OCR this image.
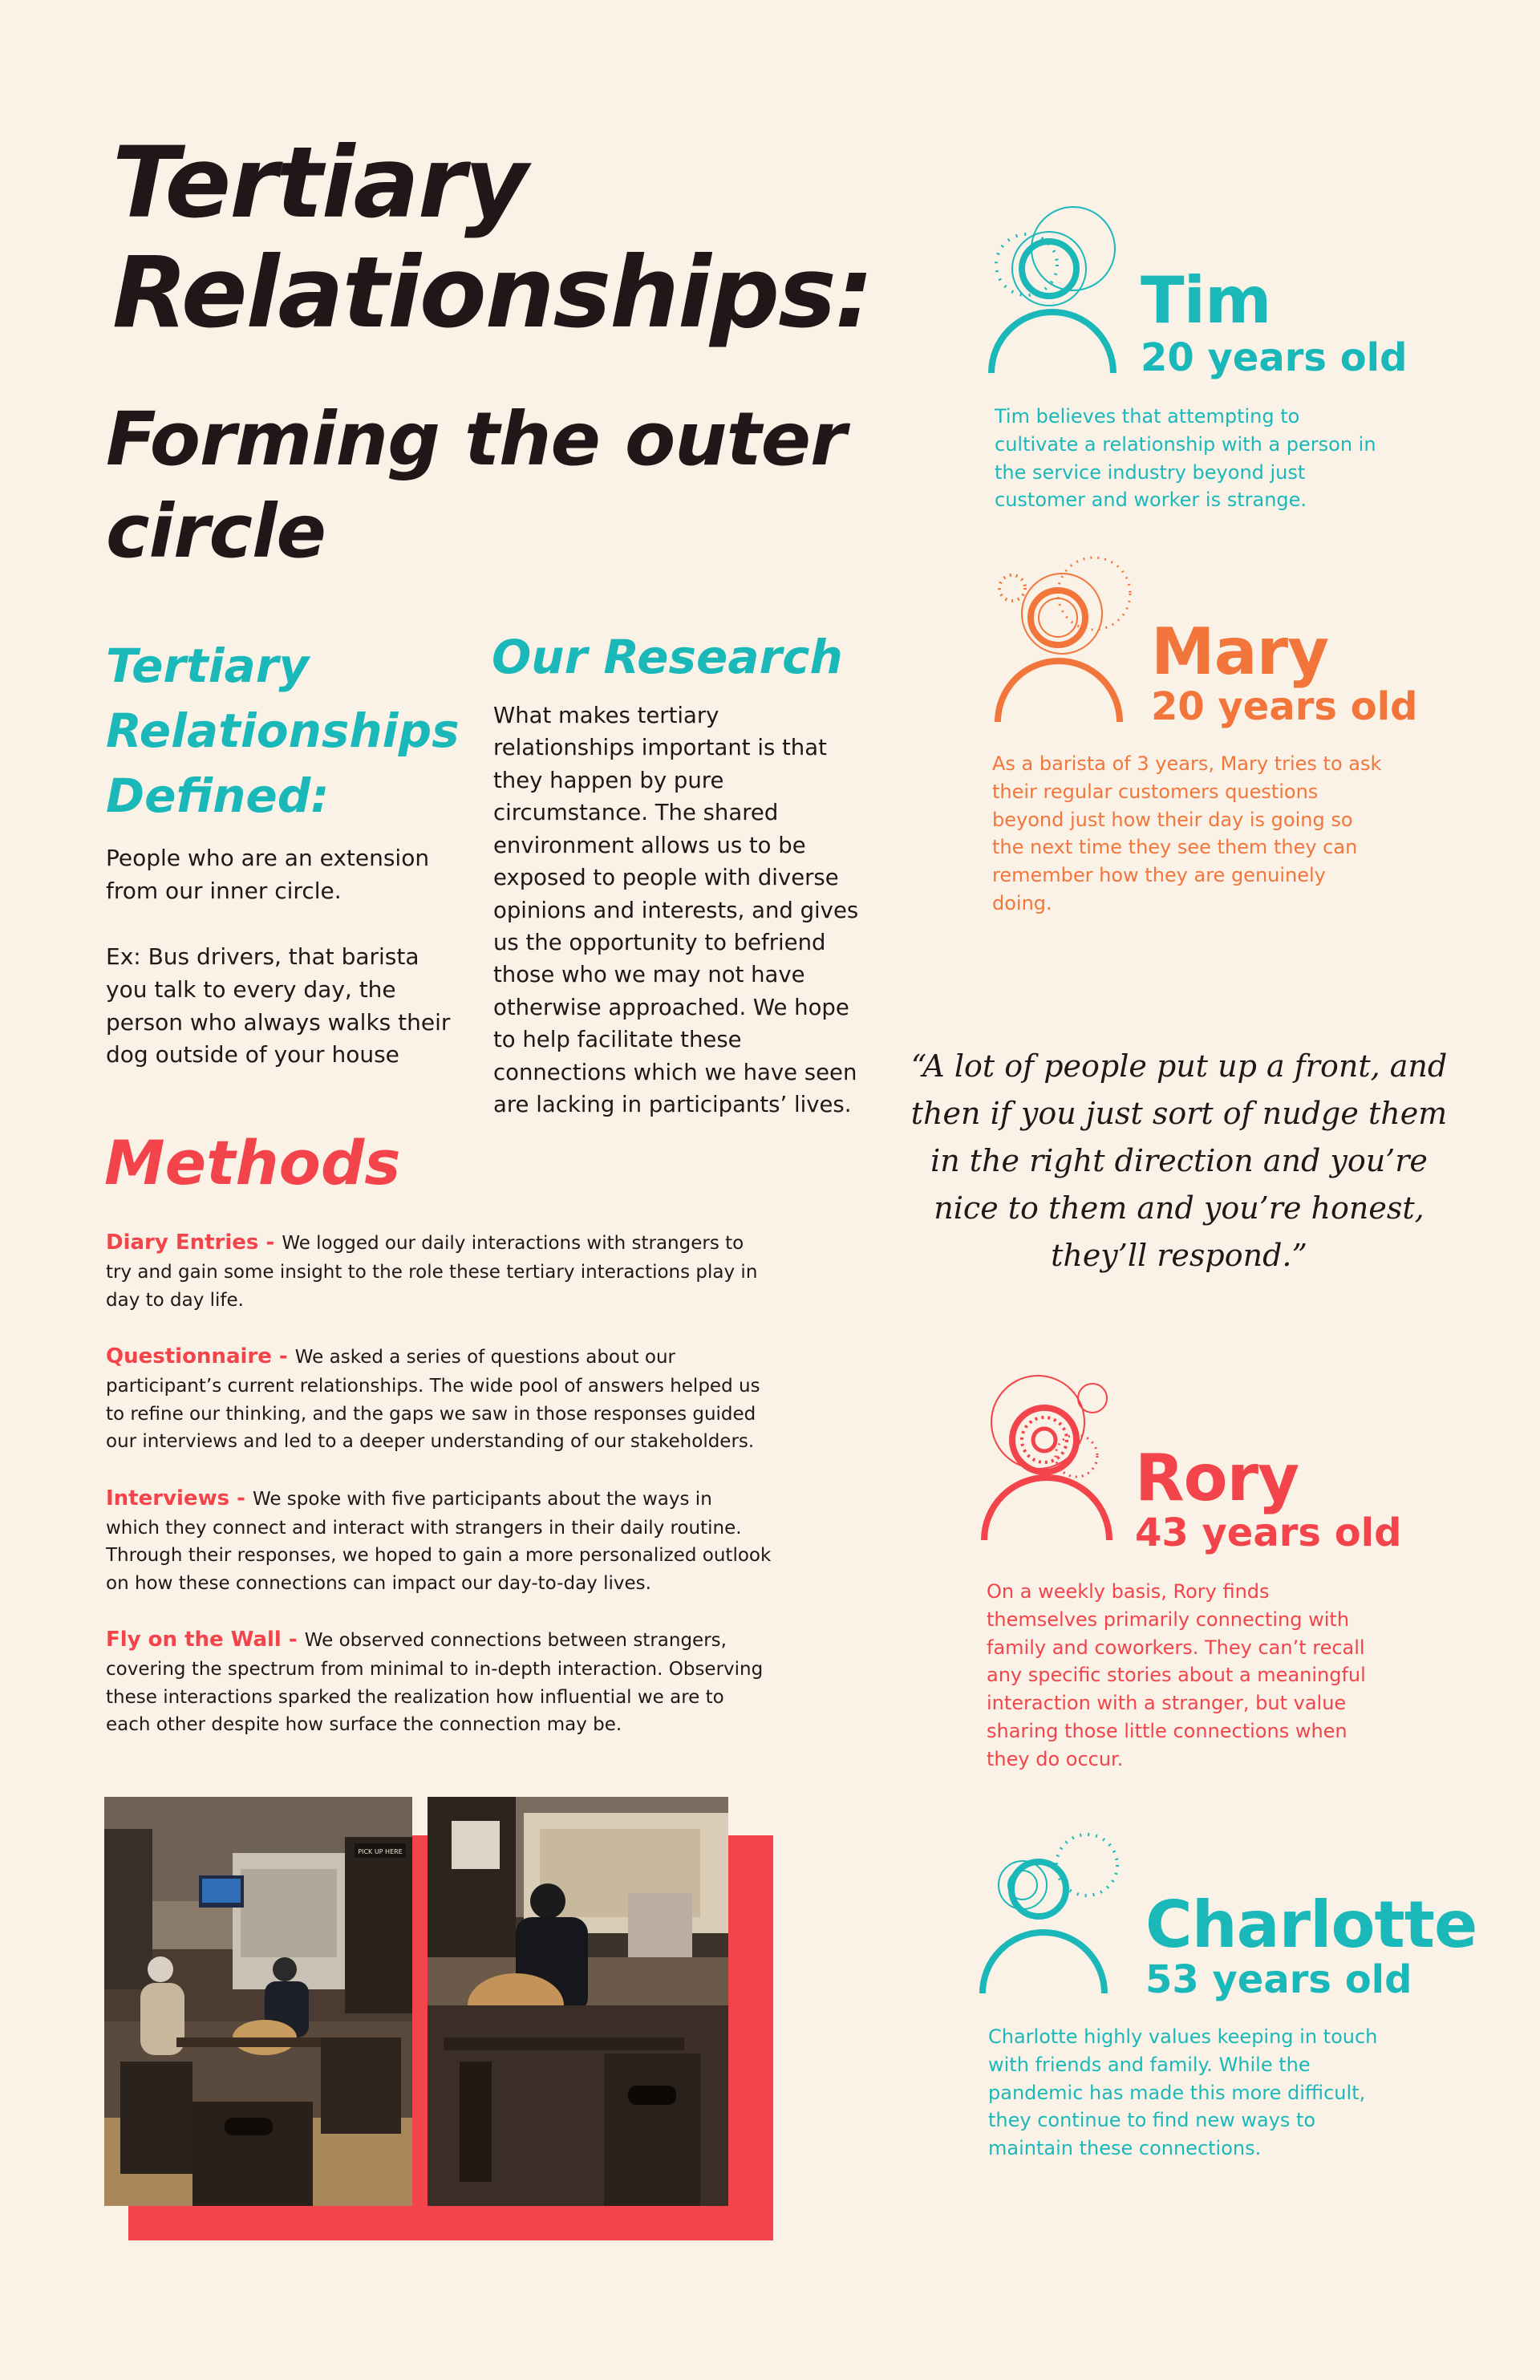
Tertiary Relationships:
Forming the outer circle
Tertiary Relationships Defined:

People who are an extension from our inner circle.

Ex: Bus drivers, that barista you talk to every day, the person who always walks their dog outside of your house

Our Research

What makes tertiary relationships important is that they happen by pure circumstance. The shared environment allows us to be exposed to people with diverse opinions and interests, and gives us the opportunity to befriend those who we may not have otherwise approached. We hope to help facilitate these connections which we have seen are lacking in participants’ lives.

Methods

Diary Entries - We logged our daily interactions with strangers to try and gain some insight to the role these tertiary interactions play in day to day life.

Questionnaire - We asked a series of questions about our participant’s current relationships. The wide pool of answers helped us to refine our thinking, and the gaps we saw in those responses guided our interviews and led to a deeper understanding of our stakeholders.

Interviews - We spoke with five participants about the ways in which they connect and interact with strangers in their daily routine. Through their responses, we hoped to gain a more personalized outlook on how these connections can impact our day-to-day lives.

Fly on the Wall - We observed connections between strangers, covering the spectrum from minimal to in-depth interaction. Observing these interactions sparked the realization how influential we are to each other despite how surface the connection may be.

PICK UP HERE

Tim

20 years old

Tim believes that attempting to cultivate a relationship with a person in the service industry beyond just customer and worker is strange.

Mary

20 years old

As a barista of 3 years, Mary tries to ask their regular customers questions beyond just how their day is going so the next time they see them they can remember how they are genuinely doing.

“A lot of people put up a front, and then if you just sort of nudge them in the right direction and you’re nice to them and you’re honest, they’ll respond.”

Rory

43 years old

On a weekly basis, Rory finds themselves primarily connecting with family and coworkers. They can’t recall any specific stories about a meaningful interaction with a stranger, but value sharing those little connections when they do occur.

Charlotte

53 years old

Charlotte highly values keeping in touch with friends and family. While the pandemic has made this more difficult, they continue to find new ways to maintain these connections.
